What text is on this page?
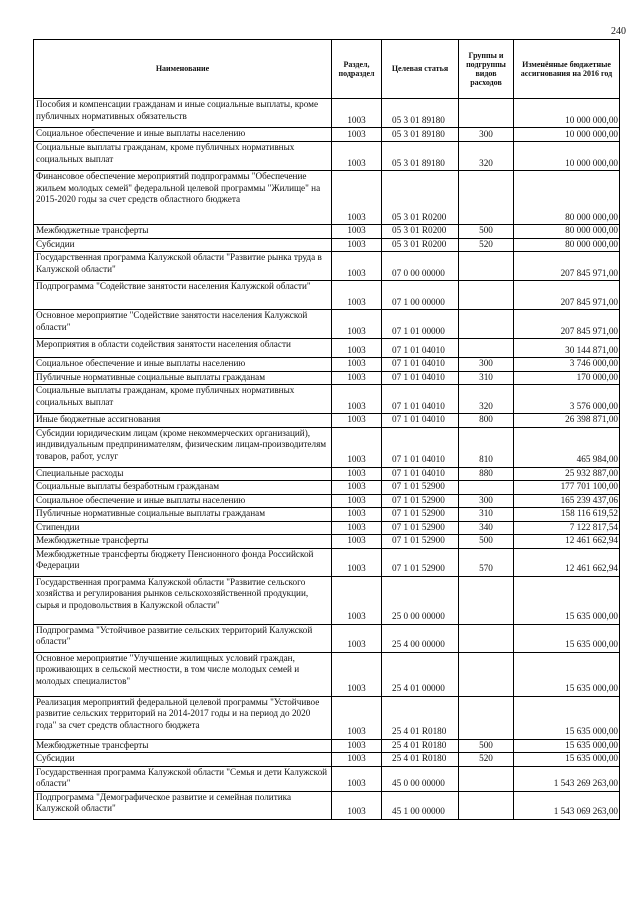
240
Наименование	Раздел, подраздел	Целевая статья	Группы и подгруппы видов расходов	Изменённые бюджетные ассигнования на 2016 год
Пособия и компенсации гражданам и иные социальные выплаты, кроме публичных нормативных обязательств	1003	05 3 01 89180		10 000 000,00
Социальное обеспечение и иные выплаты населению	1003	05 3 01 89180	300	10 000 000,00
Социальные выплаты гражданам, кроме публичных нормативных социальных выплат	1003	05 3 01 89180	320	10 000 000,00
Финансовое обеспечение мероприятий подпрограммы "Обеспечение жильем молодых семей" федеральной целевой программы "Жилище" на 2015-2020 годы за счет средств областного бюджета	1003	05 3 01 R0200		80 000 000,00
Межбюджетные трансферты	1003	05 3 01 R0200	500	80 000 000,00
Субсидии	1003	05 3 01 R0200	520	80 000 000,00
Государственная программа Калужской области "Развитие рынка труда в Калужской области"	1003	07 0 00 00000		207 845 971,00
Подпрограмма "Содействие занятости населения Калужской области"	1003	07 1 00 00000		207 845 971,00
Основное мероприятие "Содействие занятости населения Калужской области"	1003	07 1 01 00000		207 845 971,00
Мероприятия в области содействия занятости населения области	1003	07 1 01 04010		30 144 871,00
Социальное обеспечение и иные выплаты населению	1003	07 1 01 04010	300	3 746 000,00
Публичные нормативные социальные выплаты гражданам	1003	07 1 01 04010	310	170 000,00
Социальные выплаты гражданам, кроме публичных нормативных социальных выплат	1003	07 1 01 04010	320	3 576 000,00
Иные бюджетные ассигнования	1003	07 1 01 04010	800	26 398 871,00
Субсидии юридическим лицам (кроме некоммерческих организаций), индивидуальным предпринимателям, физическим лицам-производителям товаров, работ, услуг	1003	07 1 01 04010	810	465 984,00
Специальные расходы	1003	07 1 01 04010	880	25 932 887,00
Социальные выплаты безработным гражданам	1003	07 1 01 52900		177 701 100,00
Социальное обеспечение и иные выплаты населению	1003	07 1 01 52900	300	165 239 437,06
Публичные нормативные социальные выплаты гражданам	1003	07 1 01 52900	310	158 116 619,52
Стипендии	1003	07 1 01 52900	340	7 122 817,54
Межбюджетные трансферты	1003	07 1 01 52900	500	12 461 662,94
Межбюджетные трансферты бюджету Пенсионного фонда Российской Федерации	1003	07 1 01 52900	570	12 461 662,94
Государственная программа Калужской области "Развитие сельского хозяйства и регулирования рынков сельскохозяйственной продукции, сырья и продовольствия в Калужской области"	1003	25 0 00 00000		15 635 000,00
Подпрограмма "Устойчивое развитие сельских территорий Калужской области"	1003	25 4 00 00000		15 635 000,00
Основное мероприятие "Улучшение жилищных условий граждан, проживающих в сельской местности, в том числе молодых семей и молодых специалистов"	1003	25 4 01 00000		15 635 000,00
Реализация мероприятий федеральной целевой программы "Устойчивое развитие сельских территорий на 2014-2017 годы и на период до 2020 года" за счет средств областного бюджета	1003	25 4 01 R0180		15 635 000,00
Межбюджетные трансферты	1003	25 4 01 R0180	500	15 635 000,00
Субсидии	1003	25 4 01 R0180	520	15 635 000,00
Государственная программа Калужской области "Семья и дети Калужской области"	1003	45 0 00 00000		1 543 269 263,00
Подпрограмма "Демографическое развитие и семейная политика Калужской области"	1003	45 1 00 00000		1 543 069 263,00
